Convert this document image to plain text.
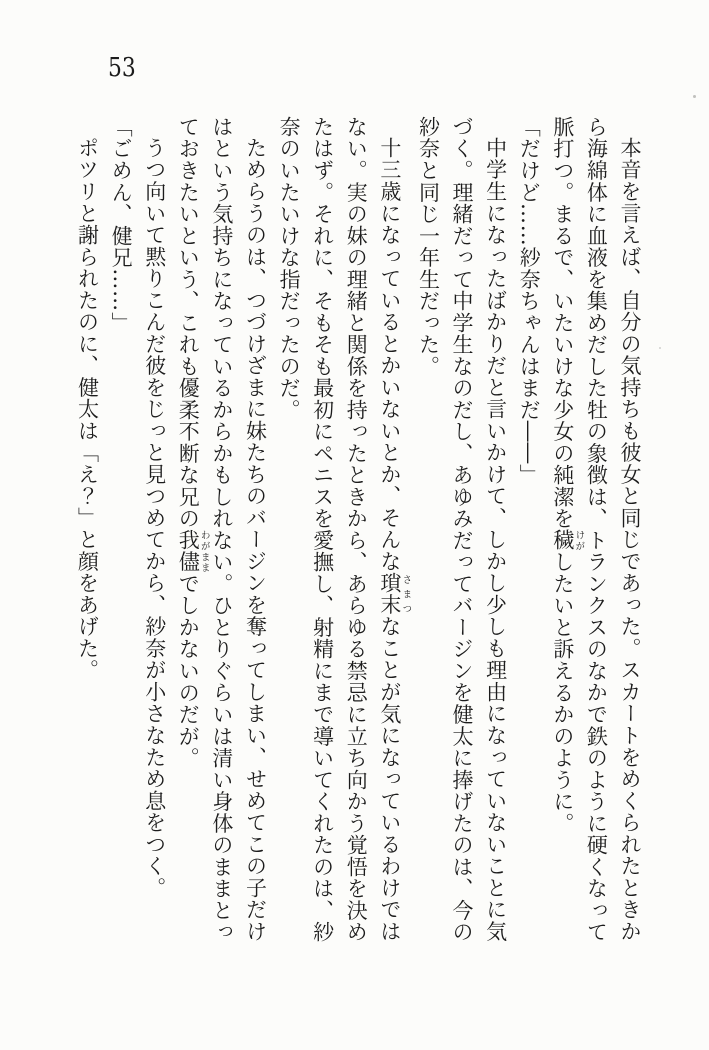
53

本音を言えば、自分の気持ちも彼女と同じであった。スカートをめくられたときから海綿体に血液を集めだした牡の象徴は、トランクスのなかで鉄のように硬くなって脈打つ。まるで、いたいけな少女の純潔を穢けがしたいと訴えるかのように。

「だけど……紗奈ちゃんはまだ――」

中学生になったばかりだと言いかけて、しかし少しも理由になっていないことに気づく。理緒だって中学生なのだし、あゆみだってバージンを健太に捧げたのは、今の紗奈と同じ一年生だった。

十三歳になっているとかいないとか、そんな瑣末さまつなことが気になっているわけではない。実の妹の理緒と関係を持ったときから、あらゆる禁忌に立ち向かう覚悟を決めたはず。それに、そもそも最初にペニスを愛撫し、射精にまで導いてくれたのは、紗奈のいたいけな指だったのだ。

ためらうのは、つづけざまに妹たちのバージンを奪ってしまい、せめてこの子だけはという気持ちになっているからかもしれない。ひとりぐらいは清い身体のままとっておきたいという、これも優柔不断な兄の我儘わがままでしかないのだが。

うつ向いて黙りこんだ彼をじっと見つめてから、紗奈が小さなため息をつく。

「ごめん、健兄……」

ポツリと謝られたのに、健太は「え？」と顔をあげた。
